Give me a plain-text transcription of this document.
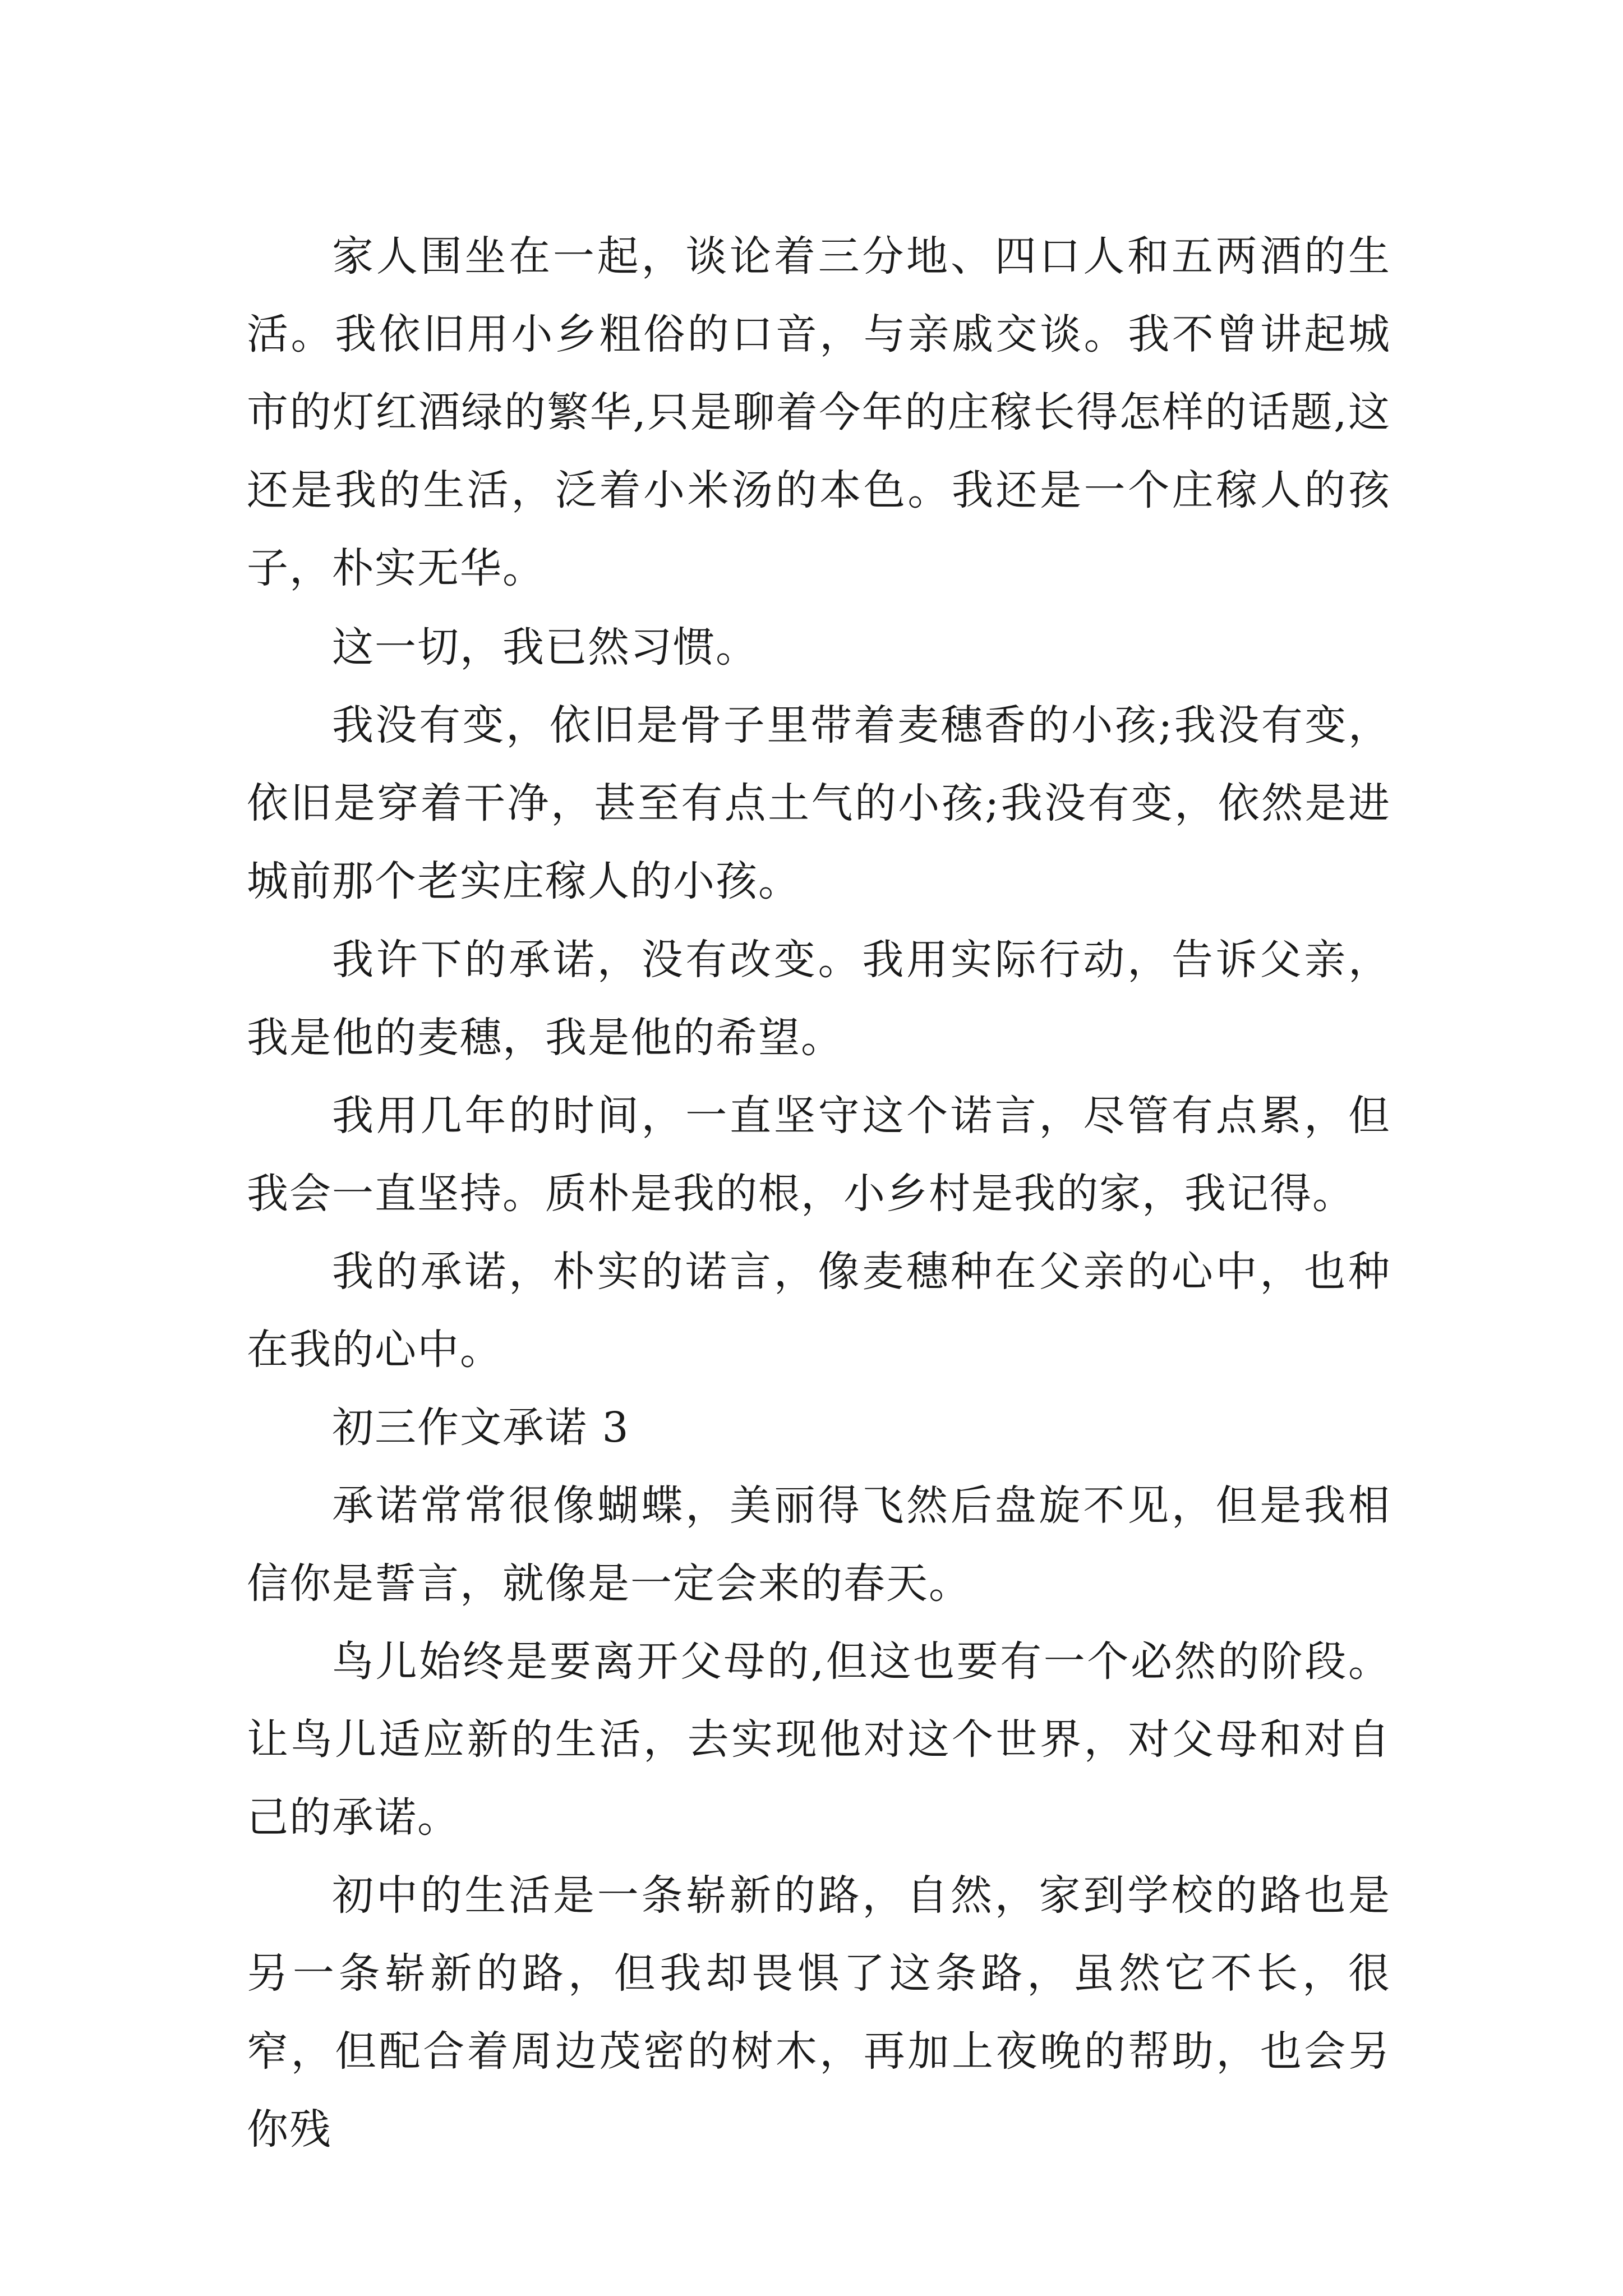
家人围坐在一起，谈论着三分地、四口人和五两酒的生活。我依旧用小乡粗俗的口音，与亲戚交谈。我不曾讲起城市的灯红酒绿的繁华,只是聊着今年的庄稼长得怎样的话题,这还是我的生活，泛着小米汤的本色。我还是一个庄稼人的孩子，朴实无华。

这一切，我已然习惯。

我没有变，依旧是骨子里带着麦穗香的小孩;我没有变，依旧是穿着干净，甚至有点土气的小孩;我没有变，依然是进城前那个老实庄稼人的小孩。

我许下的承诺，没有改变。我用实际行动，告诉父亲，我是他的麦穗，我是他的希望。

我用几年的时间，一直坚守这个诺言，尽管有点累，但我会一直坚持。质朴是我的根，小乡村是我的家，我记得。

我的承诺，朴实的诺言，像麦穗种在父亲的心中，也种在我的心中。

初三作文承诺 3

承诺常常很像蝴蝶，美丽得飞然后盘旋不见，但是我相信你是誓言，就像是一定会来的春天。

鸟儿始终是要离开父母的,但这也要有一个必然的阶段。让鸟儿适应新的生活，去实现他对这个世界，对父母和对自己的承诺。

初中的生活是一条崭新的路，自然，家到学校的路也是另一条崭新的路，但我却畏惧了这条路，虽然它不长，很窄，但配合着周边茂密的树木，再加上夜晚的帮助，也会另你残
